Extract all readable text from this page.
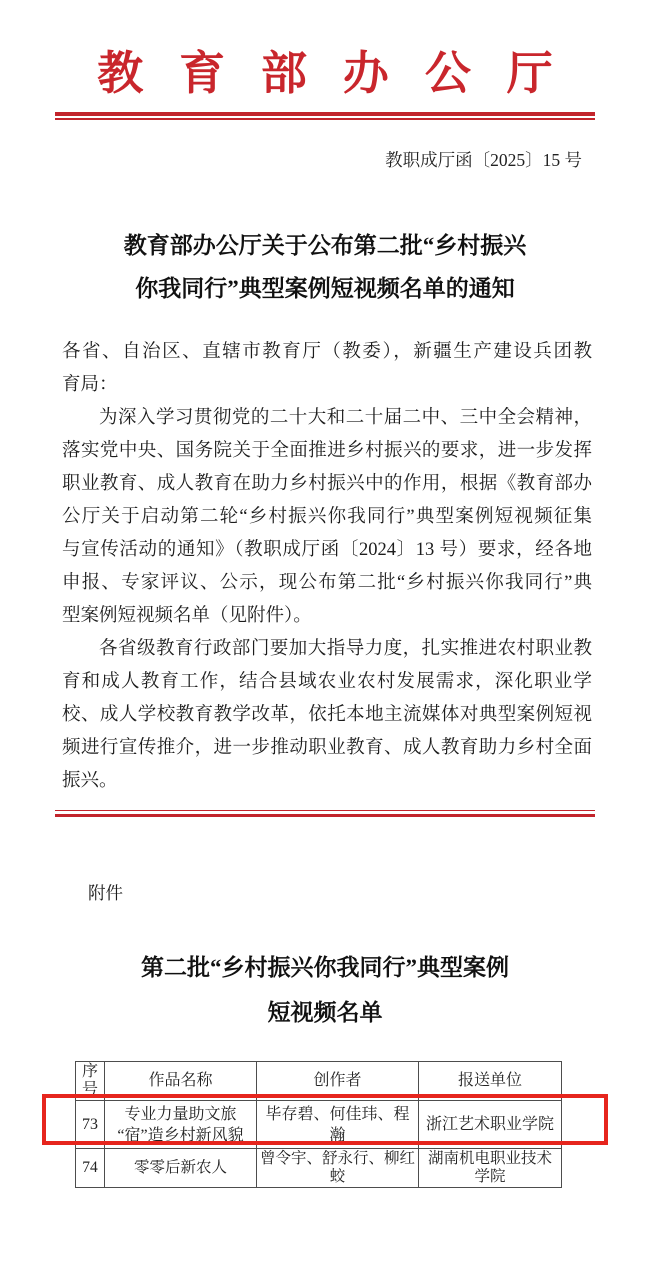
教育部办公厅
教职成厅函〔2025〕15 号
教育部办公厅关于公布第二批“乡村振兴
你我同行”典型案例短视频名单的通知
各省、自治区、直辖市教育厅（教委），新疆生产建设兵团教
育局：
为深入学习贯彻党的二十大和二十届二中、三中全会精神，
落实党中央、国务院关于全面推进乡村振兴的要求，进一步发挥
职业教育、成人教育在助力乡村振兴中的作用，根据《教育部办
公厅关于启动第二轮“乡村振兴你我同行”典型案例短视频征集
与宣传活动的通知》（教职成厅函〔2024〕13 号）要求，经各地
申报、专家评议、公示，现公布第二批“乡村振兴你我同行”典
型案例短视频名单（见附件）。
各省级教育行政部门要加大指导力度，扎实推进农村职业教
育和成人教育工作，结合县域农业农村发展需求，深化职业学
校、成人学校教育教学改革，依托本地主流媒体对典型案例短视
频进行宣传推介，进一步推动职业教育、成人教育助力乡村全面
振兴。
附件
第二批“乡村振兴你我同行”典型案例
短视频名单
序号	作品名称	创作者	报送单位
73	专业力量助文旅
“宿”造乡村新风貌	毕存碧、何佳玮、程瀚	浙江艺术职业学院
74	零零后新农人	曾令宇、舒永行、柳红蛟	湖南机电职业技术学院
